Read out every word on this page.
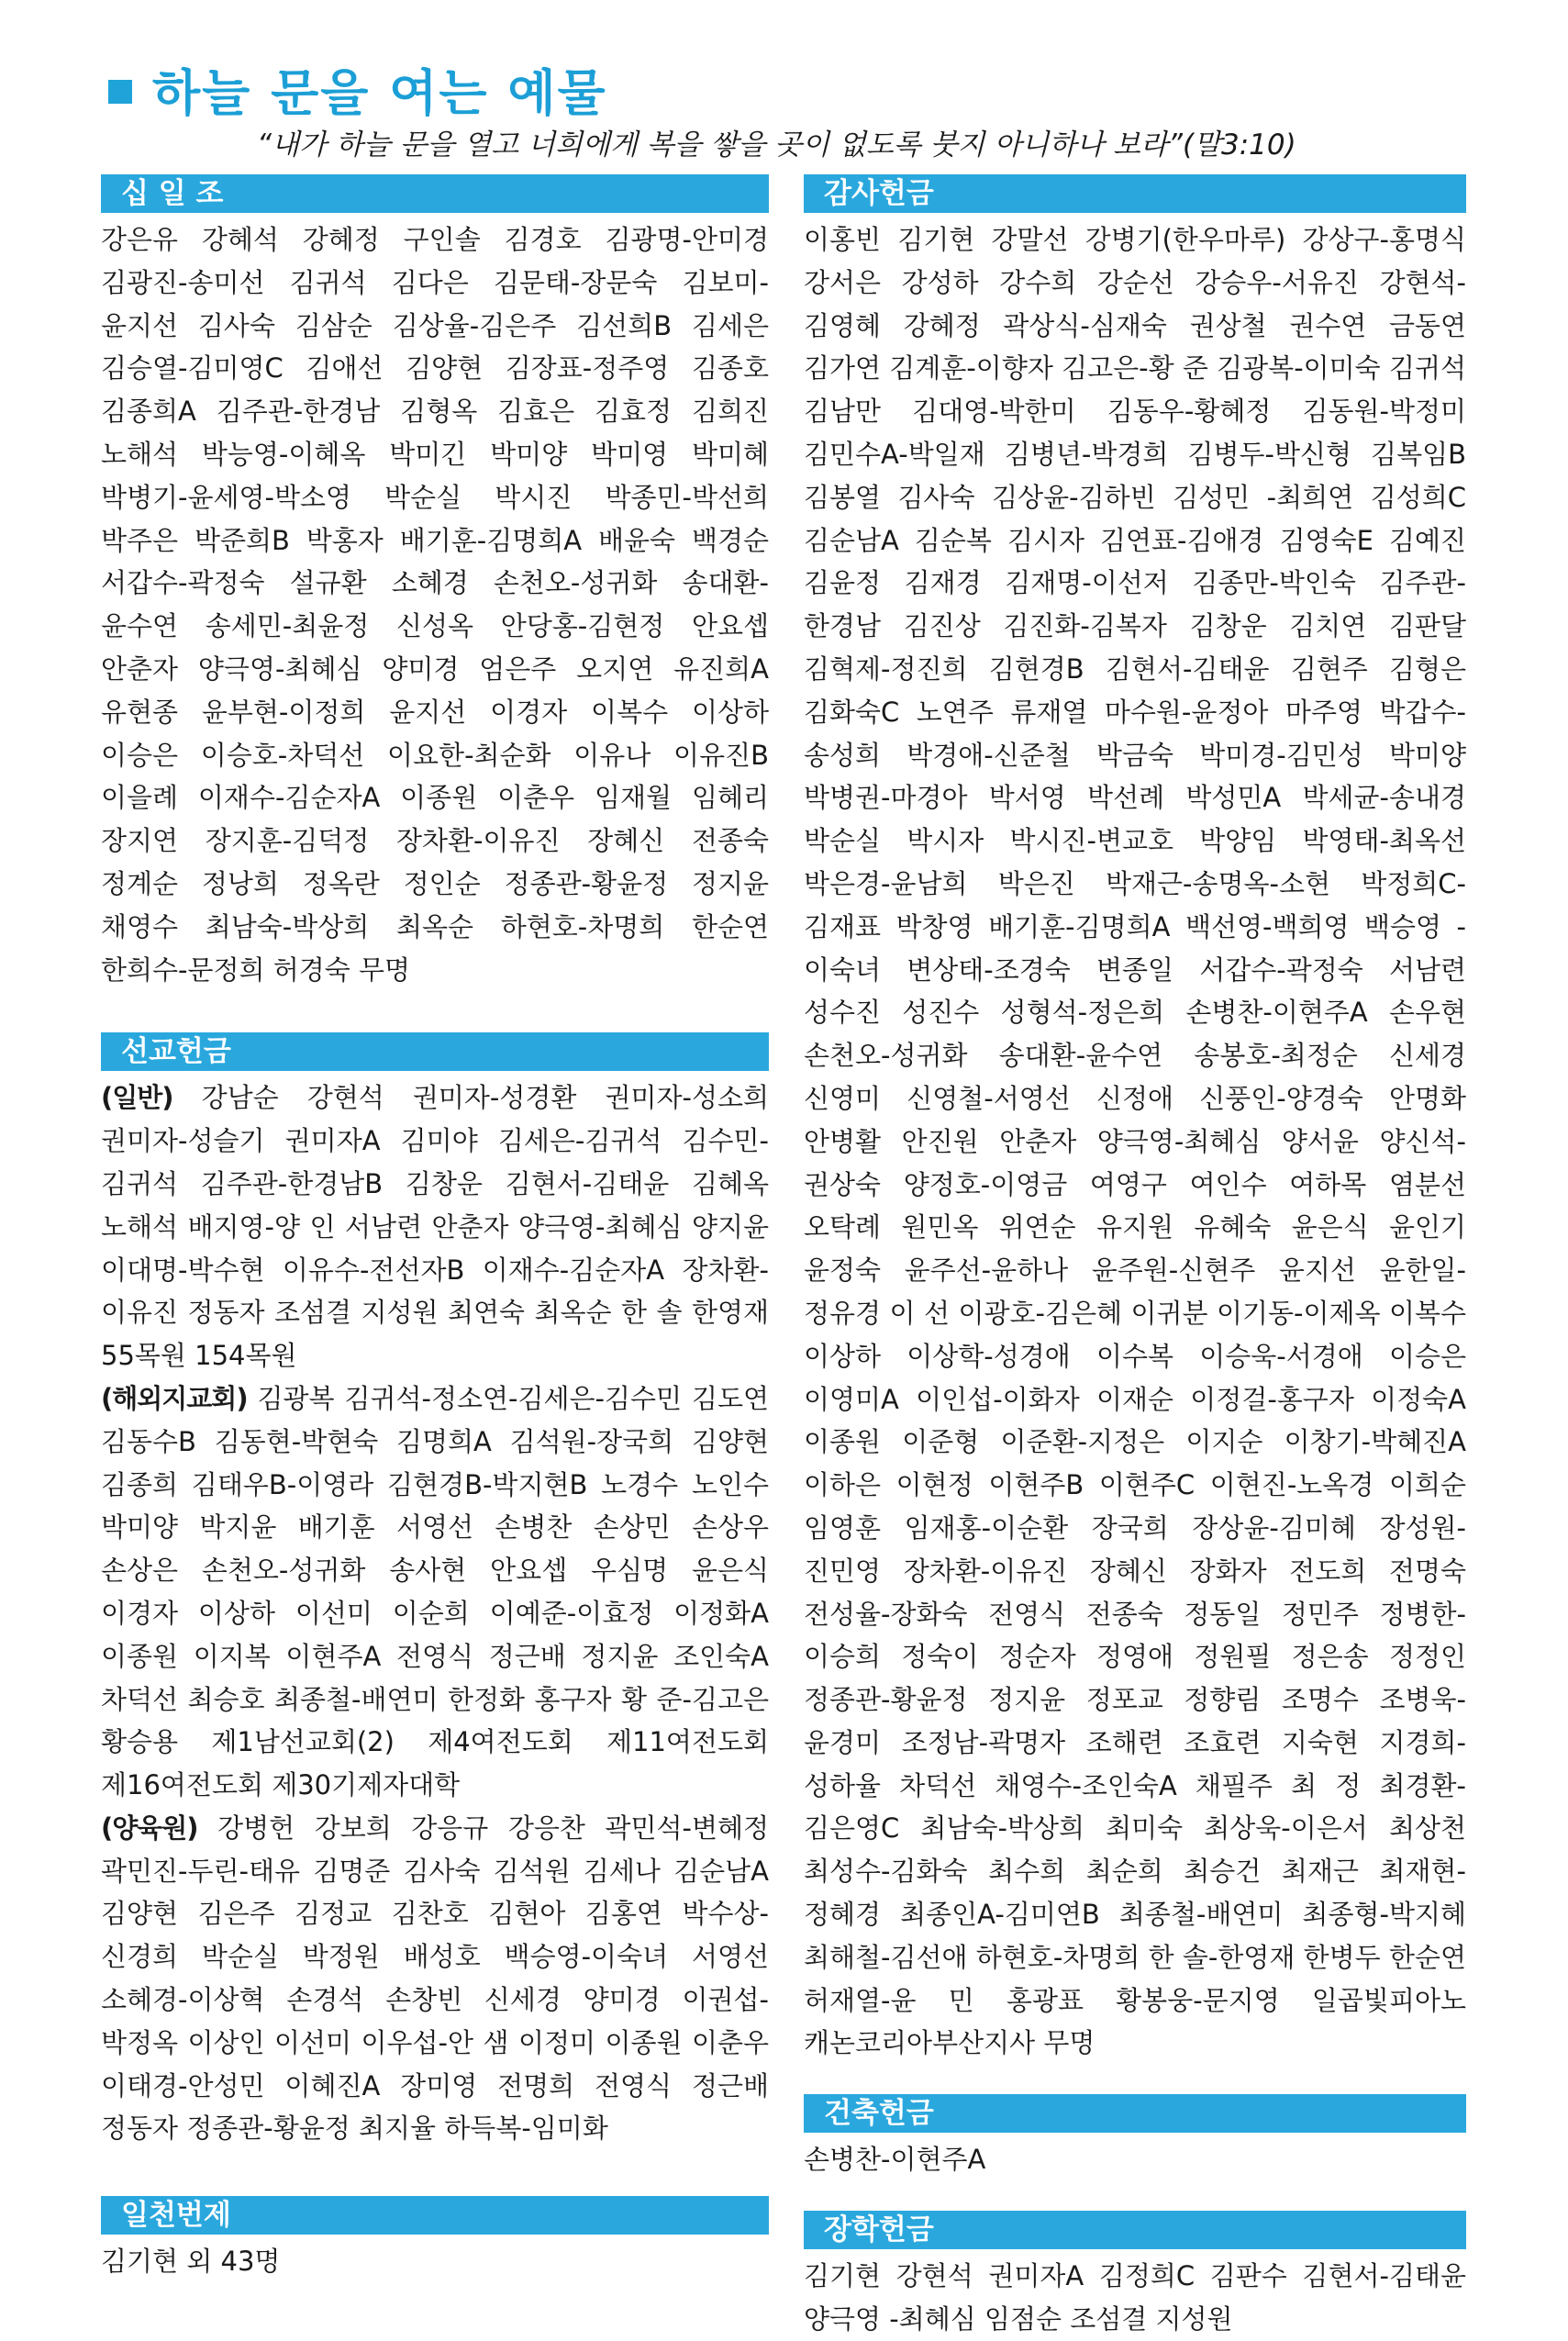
하늘 문을 여는 예물
“내가 하늘 문을 열고 너희에게 복을 쌓을 곳이 없도록 붓지 아니하나 보라”(말3:10)
십 일 조

강은유 강혜석 강혜정 구인솔 김경호 김광명-안미경 김광진-송미선 김귀석 김다은 김문태-장문숙 김보미-윤지선 김사숙 김삼순 김상율-김은주 김선희B 김세은 김승열-김미영C 김애선 김양현 김장표-정주영 김종호 김종희A 김주관-한경남 김형옥 김효은 김효정 김희진 노해석 박능영-이혜옥 박미긴 박미양 박미영 박미혜 박병기-윤세영-박소영 박순실 박시진 박종민-박선희 박주은 박준희B 박홍자 배기훈-김명희A 배윤숙 백경순 서갑수-곽정숙 설규환 소혜경 손천오-성귀화 송대환-윤수연 송세민-최윤정 신성옥 안당홍-김현정 안요셉 안춘자 양극영-최혜심 양미경 엄은주 오지연 유진희A 유현종 윤부현-이정희 윤지선 이경자 이복수 이상하 이승은 이승호-차덕선 이요한-최순화 이유나 이유진B 이을례 이재수-김순자A 이종원 이춘우 임재월 임혜리 장지연 장지훈-김덕정 장차환-이유진 장혜신 전종숙 정계순 정낭희 정옥란 정인순 정종관-황윤정 정지윤 채영수 최남숙-박상희 최옥순 하현호-차명희 한순연 한희수-문정희 허경숙 무명

선교헌금

(일반) 강남순 강현석 권미자-성경환 권미자-성소희 권미자-성슬기 권미자A 김미야 김세은-김귀석 김수민-김귀석 김주관-한경남B 김창운 김현서-김태윤 김혜옥 노해석 배지영-양 인 서남련 안춘자 양극영-최혜심 양지윤 이대명-박수현 이유수-전선자B 이재수-김순자A 장차환-이유진 정동자 조섬결 지성원 최연숙 최옥순 한 솔 한영재 55목원 154목원

(해외지교회) 김광복 김귀석-정소연-김세은-김수민 김도연 김동수B 김동현-박현숙 김명희A 김석원-장국희 김양현 김종희 김태우B-이영라 김현경B-박지현B 노경수 노인수 박미양 박지윤 배기훈 서영선 손병찬 손상민 손상우 손상은 손천오-성귀화 송사현 안요셉 우심명 윤은식 이경자 이상하 이선미 이순희 이예준-이효정 이정화A 이종원 이지복 이현주A 전영식 정근배 정지윤 조인숙A 차덕선 최승호 최종철-배연미 한정화 홍구자 황 준-김고은 황승용 제1남선교회(2) 제4여전도회 제11여전도회 제16여전도회 제30기제자대학

(양육원) 강병헌 강보희 강응규 강응찬 곽민석-변혜정 곽민진-두린-태유 김명준 김사숙 김석원 김세나 김순남A 김양현 김은주 김정교 김찬호 김현아 김홍연 박수상-신경희 박순실 박정원 배성호 백승영-이숙녀 서영선 소혜경-이상혁 손경석 손창빈 신세경 양미경 이권섭-박정옥 이상인 이선미 이우섭-안 샘 이정미 이종원 이춘우 이태경-안성민 이혜진A 장미영 전명희 전영식 정근배 정동자 정종관-황윤정 최지율 하득복-임미화

일천번제

김기현 외 43명

감사헌금

이홍빈 김기현 강말선 강병기(한우마루) 강상구-홍명식 강서은 강성하 강수희 강순선 강승우-서유진 강현석-김영혜 강혜정 곽상식-심재숙 권상철 권수연 금동연 김가연 김계훈-이향자 김고은-황 준 김광복-이미숙 김귀석 김남만 김대영-박한미 김동우-황혜정 김동원-박정미 김민수A-박일재 김병년-박경희 김병두-박신형 김복임B 김봉열 김사숙 김상윤-김하빈 김성민 -최희연 김성희C 김순남A 김순복 김시자 김연표-김애경 김영숙E 김예진 김윤정 김재경 김재명-이선저 김종만-박인숙 김주관-한경남 김진상 김진화-김복자 김창운 김치연 김판달 김혁제-정진희 김현경B 김현서-김태윤 김현주 김형은 김화숙C 노연주 류재열 마수원-윤정아 마주영 박갑수-송성희 박경애-신준철 박금숙 박미경-김민성 박미양 박병권-마경아 박서영 박선례 박성민A 박세균-송내경 박순실 박시자 박시진-변교호 박양임 박영태-최옥선 박은경-윤남희 박은진 박재근-송명옥-소현 박정희C-김재표 박창영 배기훈-김명희A 백선영-백희영 백승영 -이숙녀 변상태-조경숙 변종일 서갑수-곽정숙 서남련 성수진 성진수 성형석-정은희 손병찬-이현주A 손우현 손천오-성귀화 송대환-윤수연 송봉호-최정순 신세경 신영미 신영철-서영선 신정애 신풍인-양경숙 안명화 안병활 안진원 안춘자 양극영-최혜심 양서윤 양신석-권상숙 양정호-이영금 여영구 여인수 여하목 염분선 오탁례 원민옥 위연순 유지원 유혜숙 윤은식 윤인기 윤정숙 윤주선-윤하나 윤주원-신현주 윤지선 윤한일-정유경 이 선 이광호-김은혜 이귀분 이기동-이제옥 이복수 이상하 이상학-성경애 이수복 이승욱-서경애 이승은 이영미A 이인섭-이화자 이재순 이정걸-홍구자 이정숙A 이종원 이준형 이준환-지정은 이지순 이창기-박혜진A 이하은 이현정 이현주B 이현주C 이현진-노옥경 이희순 임영훈 임재홍-이순환 장국희 장상윤-김미혜 장성원-진민영 장차환-이유진 장혜신 장화자 전도희 전명숙 전성율-장화숙 전영식 전종숙 정동일 정민주 정병한-이승희 정숙이 정순자 정영애 정원필 정은송 정정인 정종관-황윤정 정지윤 정포교 정향림 조명수 조병욱-윤경미 조정남-곽명자 조해련 조효련 지숙현 지경희-성하율 차덕선 채영수-조인숙A 채필주 최 정 최경환-김은영C 최남숙-박상희 최미숙 최상욱-이은서 최상천 최성수-김화숙 최수희 최순희 최승건 최재근 최재현-정혜경 최종인A-김미연B 최종철-배연미 최종형-박지혜 최해철-김선애 하현호-차명희 한 솔-한영재 한병두 한순연 허재열-윤 민 홍광표 황봉웅-문지영 일곱빛피아노 캐논코리아부산지사 무명

건축헌금

손병찬-이현주A

장학헌금

김기현 강현석 권미자A 김정희C 김판수 김현서-김태윤 양극영 -최혜심 임점순 조섬결 지성원
